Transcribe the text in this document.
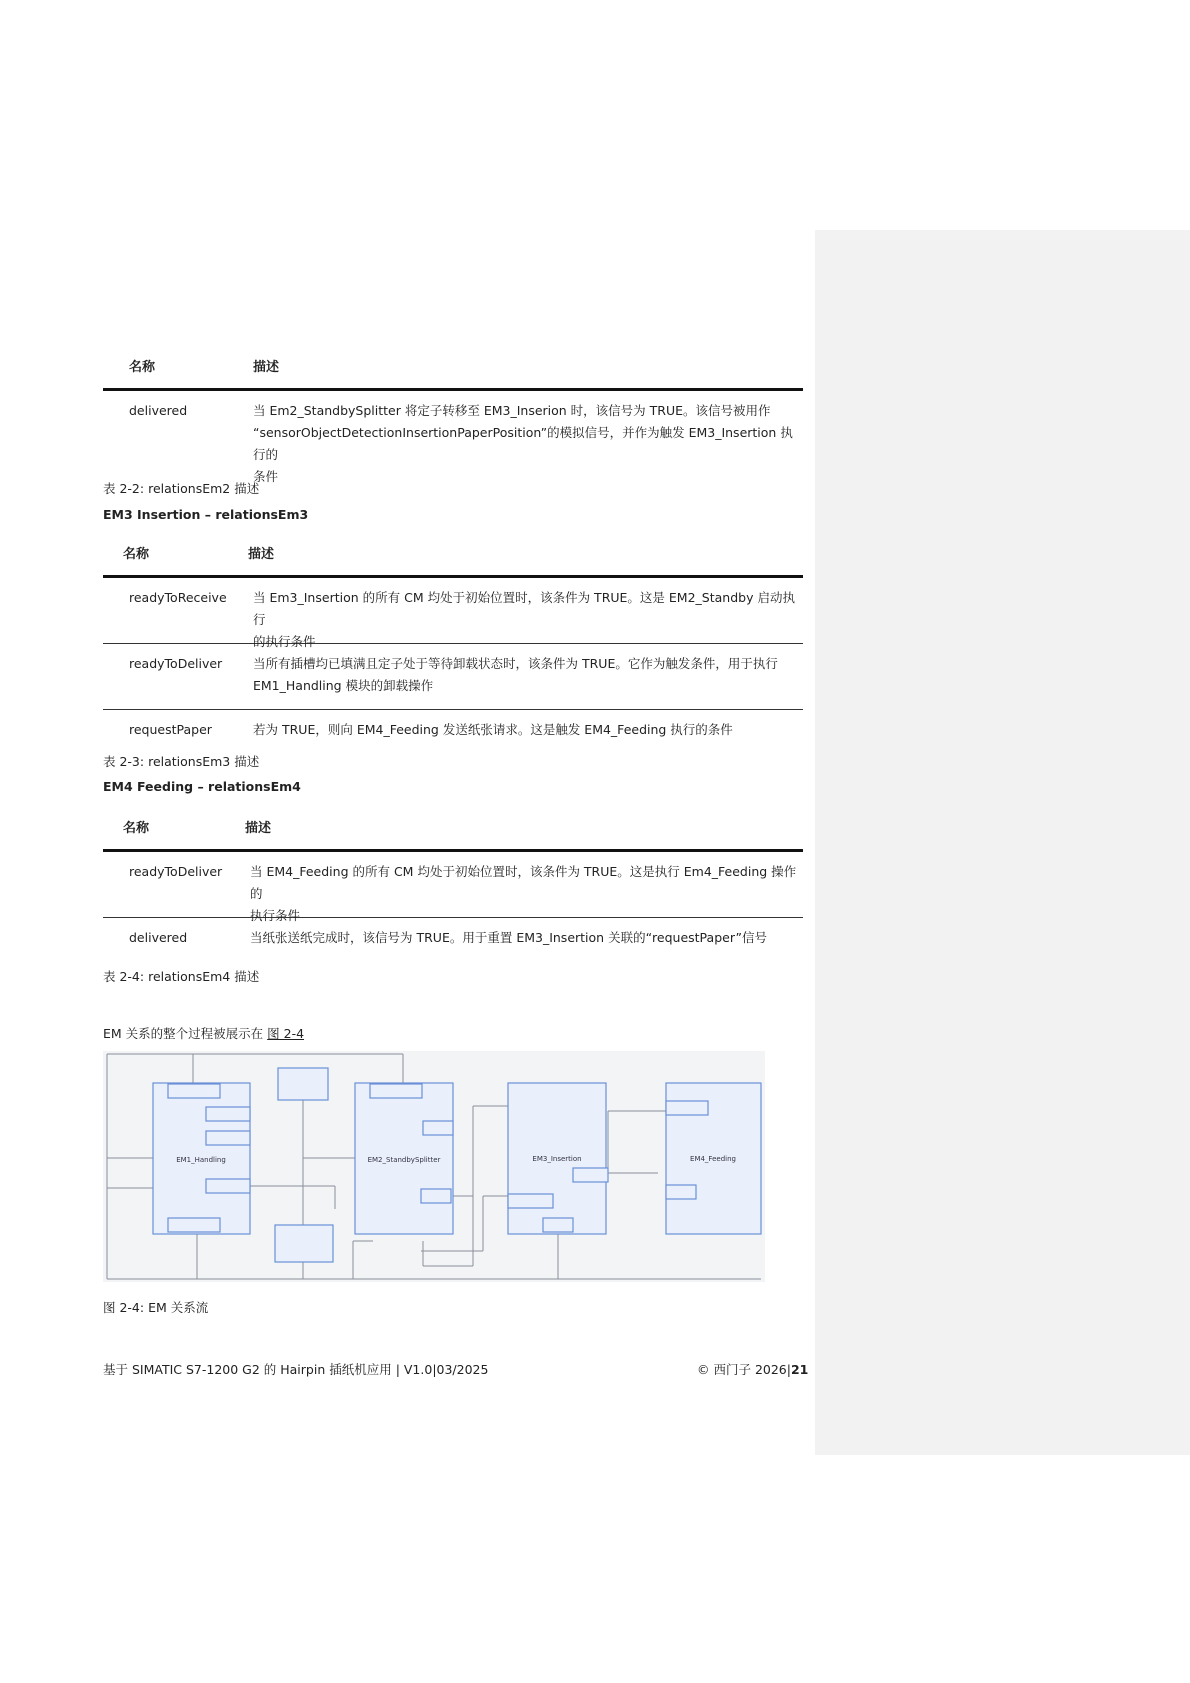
名称	描述
delivered	当 Em2_StandbySplitter 将定子转移至 EM3_Inserion 时，该信号为 TRUE。该信号被用作
“sensorObjectDetectionInsertionPaperPosition”的模拟信号，并作为触发 EM3_Insertion 执行的
条件
表 2-2: relationsEm2 描述
EM3 Insertion – relationsEm3
名称	描述
readyToReceive 当 Em3_Insertion 的所有 CM 均处于初始位置时，该条件为 TRUE。这是 EM2_Standby 启动执行
的执行条件
readyToDeliver 当所有插槽均已填满且定子处于等待卸载状态时，该条件为 TRUE。它作为触发条件，用于执行
EM1_Handling 模块的卸载操作
requestPaper	若为 TRUE，则向 EM4_Feeding 发送纸张请求。这是触发 EM4_Feeding 执行的条件
表 2-3: relationsEm3 描述
EM4 Feeding – relationsEm4
名称	描述
readyToDeliver 当 EM4_Feeding 的所有 CM 均处于初始位置时，该条件为 TRUE。这是执行 Em4_Feeding 操作的
执行条件
delivered	当纸张送纸完成时，该信号为 TRUE。用于重置 EM3_Insertion 关联的“requestPaper”信号
表 2-4: relationsEm4 描述
EM 关系的整个过程被展示在 图 2-4
EM1_Handling	EM2_StandbySplitter	EM3_Insertion	EM4_Feeding
图 2-4: EM 关系流
基于 SIMATIC S7-1200 G2 的 Hairpin 插纸机应用 | V1.0|03/2025	© 西门子 2026|21
